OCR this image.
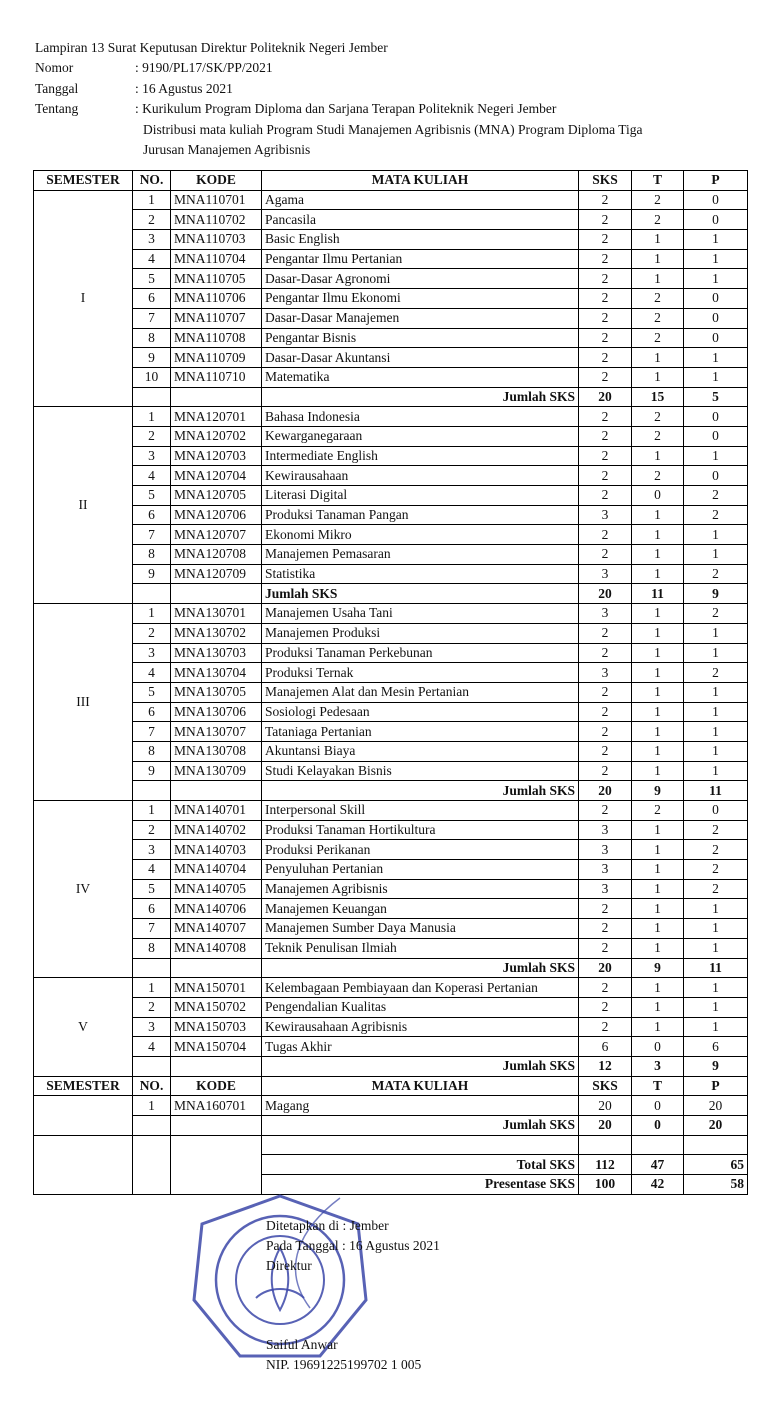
Lampiran 13 Surat Keputusan Direktur Politeknik Negeri Jember
Nomor	: 9190/PL17/SK/PP/2021
Tanggal	: 16 Agustus 2021
Tentang	: Kurikulum Program Diploma dan Sarjana Terapan Politeknik Negeri Jember
Distribusi mata kuliah Program Studi Manajemen Agribisnis (MNA) Program Diploma Tiga
Jurusan Manajemen Agribisnis
SEMESTER	NO.	KODE	MATA KULIAH	SKS	T	P
I	1	MNA110701	Agama	2	2	0
	2	MNA110702	Pancasila	2	2	0
	3	MNA110703	Basic English	2	1	1
	4	MNA110704	Pengantar Ilmu Pertanian	2	1	1
	5	MNA110705	Dasar-Dasar Agronomi	2	1	1
	6	MNA110706	Pengantar Ilmu Ekonomi	2	2	0
	7	MNA110707	Dasar-Dasar Manajemen	2	2	0
	8	MNA110708	Pengantar Bisnis	2	2	0
	9	MNA110709	Dasar-Dasar Akuntansi	2	1	1
	10	MNA110710	Matematika	2	1	1
			Jumlah SKS	20	15	5
II	1	MNA120701	Bahasa Indonesia	2	2	0
	2	MNA120702	Kewarganegaraan	2	2	0
	3	MNA120703	Intermediate English	2	1	1
	4	MNA120704	Kewirausahaan	2	2	0
	5	MNA120705	Literasi Digital	2	0	2
	6	MNA120706	Produksi Tanaman Pangan	3	1	2
	7	MNA120707	Ekonomi Mikro	2	1	1
	8	MNA120708	Manajemen Pemasaran	2	1	1
	9	MNA120709	Statistika	3	1	2
			Jumlah SKS	20	11	9
III	1	MNA130701	Manajemen Usaha Tani	3	1	2
	2	MNA130702	Manajemen Produksi	2	1	1
	3	MNA130703	Produksi Tanaman Perkebunan	2	1	1
	4	MNA130704	Produksi Ternak	3	1	2
	5	MNA130705	Manajemen Alat dan Mesin Pertanian	2	1	1
	6	MNA130706	Sosiologi Pedesaan	2	1	1
	7	MNA130707	Tataniaga Pertanian	2	1	1
	8	MNA130708	Akuntansi Biaya	2	1	1
	9	MNA130709	Studi Kelayakan Bisnis	2	1	1
			Jumlah SKS	20	9	11
IV	1	MNA140701	Interpersonal Skill	2	2	0
	2	MNA140702	Produksi Tanaman Hortikultura	3	1	2
	3	MNA140703	Produksi Perikanan	3	1	2
	4	MNA140704	Penyuluhan Pertanian	3	1	2
	5	MNA140705	Manajemen Agribisnis	3	1	2
	6	MNA140706	Manajemen Keuangan	2	1	1
	7	MNA140707	Manajemen Sumber Daya Manusia	2	1	1
	8	MNA140708	Teknik Penulisan Ilmiah	2	1	1
			Jumlah SKS	20	9	11
V	1	MNA150701	Kelembagaan Pembiayaan dan Koperasi Pertanian	2	1	1
	2	MNA150702	Pengendalian Kualitas	2	1	1
	3	MNA150703	Kewirausahaan Agribisnis	2	1	1
	4	MNA150704	Tugas Akhir	6	0	6
			Jumlah SKS	12	3	9
SEMESTER	NO.	KODE	MATA KULIAH	SKS	T	P
	1	MNA160701	Magang	20	0	20
			Jumlah SKS	20	0	20

			Total SKS	112	47	65
			Presentase SKS	100	42	58
Ditetapkan di : Jember
Pada Tanggal : 16 Agustus 2021
Direktur
Saiful Anwar
NIP. 19691225199702 1 005
